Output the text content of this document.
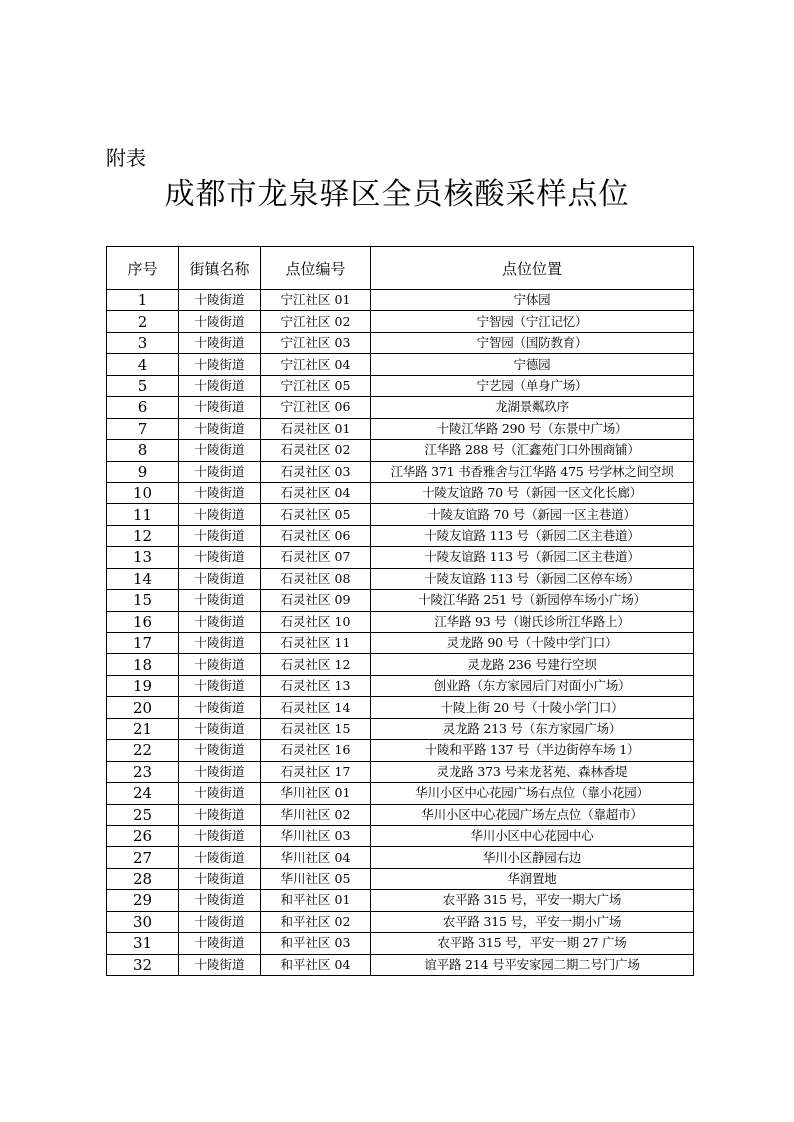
附表
成都市龙泉驿区全员核酸采样点位
序号	街镇名称	点位编号	点位位置
1	十陵街道	宁江社区 01	宁体园
2	十陵街道	宁江社区 02	宁智园（宁江记忆）
3	十陵街道	宁江社区 03	宁智园（国防教育）
4	十陵街道	宁江社区 04	宁德园
5	十陵街道	宁江社区 05	宁艺园（单身广场）
6	十陵街道	宁江社区 06	龙湖景粼玖序
7	十陵街道	石灵社区 01	十陵江华路 290 号（东景中广场）
8	十陵街道	石灵社区 02	江华路 288 号（汇鑫苑门口外围商铺）
9	十陵街道	石灵社区 03	江华路 371 书香雅舍与江华路 475 号学林之间空坝
10	十陵街道	石灵社区 04	十陵友谊路 70 号（新园一区文化长廊）
11	十陵街道	石灵社区 05	十陵友谊路 70 号（新园一区主巷道）
12	十陵街道	石灵社区 06	十陵友谊路 113 号（新园二区主巷道）
13	十陵街道	石灵社区 07	十陵友谊路 113 号（新园二区主巷道）
14	十陵街道	石灵社区 08	十陵友谊路 113 号（新园二区停车场）
15	十陵街道	石灵社区 09	十陵江华路 251 号（新园停车场小广场）
16	十陵街道	石灵社区 10	江华路 93 号（谢氏诊所江华路上）
17	十陵街道	石灵社区 11	灵龙路 90 号（十陵中学门口）
18	十陵街道	石灵社区 12	灵龙路 236 号建行空坝
19	十陵街道	石灵社区 13	创业路（东方家园后门对面小广场）
20	十陵街道	石灵社区 14	十陵上街 20 号（十陵小学门口）
21	十陵街道	石灵社区 15	灵龙路 213 号（东方家园广场）
22	十陵街道	石灵社区 16	十陵和平路 137 号（半边街停车场 1）
23	十陵街道	石灵社区 17	灵龙路 373 号来龙茗苑、森林香堤
24	十陵街道	华川社区 01	华川小区中心花园广场右点位（靠小花园）
25	十陵街道	华川社区 02	华川小区中心花园广场左点位（靠超市）
26	十陵街道	华川社区 03	华川小区中心花园中心
27	十陵街道	华川社区 04	华川小区静园右边
28	十陵街道	华川社区 05	华润置地
29	十陵街道	和平社区 01	农平路 315 号，平安一期大广场
30	十陵街道	和平社区 02	农平路 315 号，平安一期小广场
31	十陵街道	和平社区 03	农平路 315 号，平安一期 27 广场
32	十陵街道	和平社区 04	谊平路 214 号平安家园二期二号门广场
